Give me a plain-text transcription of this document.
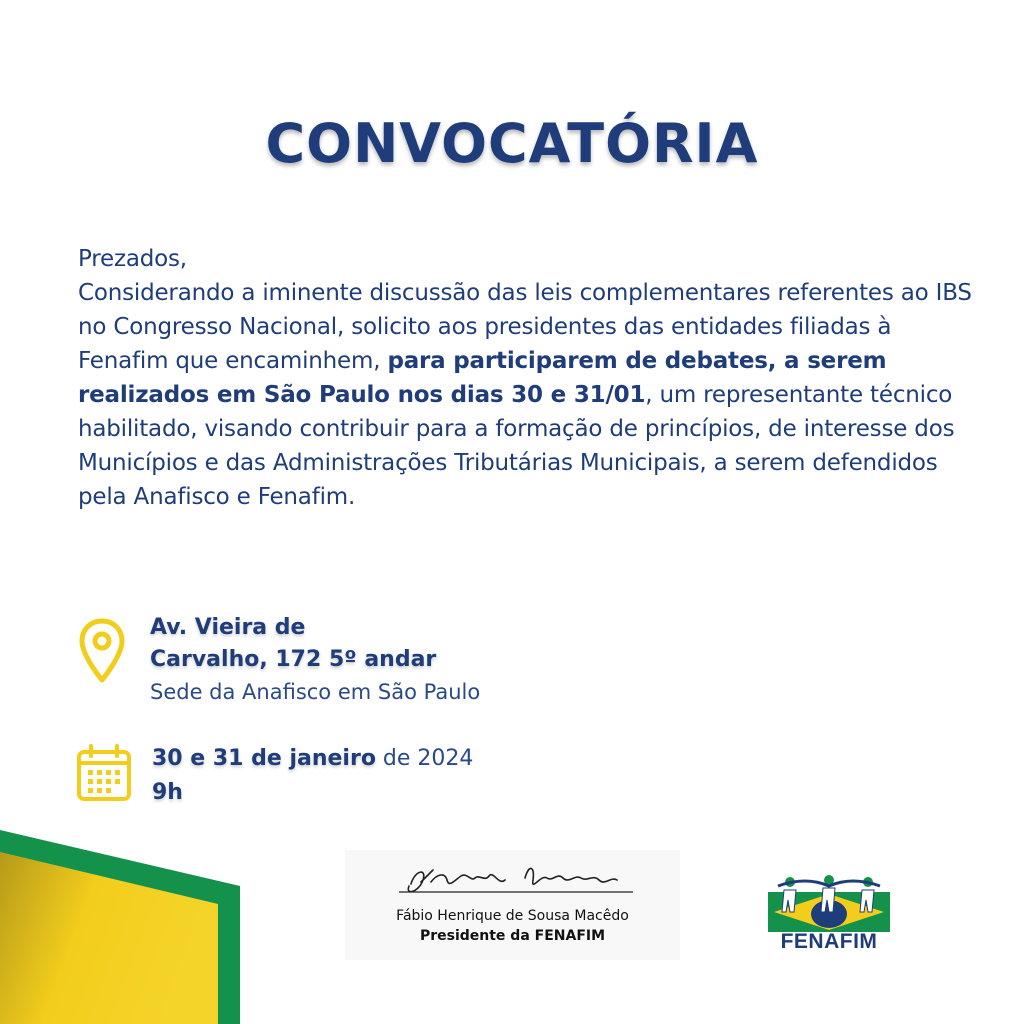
CONVOCATÓRIA

Prezados,

Considerando a iminente discussão das leis complementares referentes ao IBS no Congresso Nacional, solicito aos presidentes das entidades filiadas à Fenafim que encaminhem, para participarem de debates, a serem realizados em São Paulo nos dias 30 e 31/01, um representante técnico habilitado, visando contribuir para a formação de princípios, de interesse dos Municípios e das Administrações Tributárias Municipais, a serem defendidos pela Anafisco e Fenafim.

Av. Vieira de
Carvalho, 172 5º andar
Sede da Anafisco em São Paulo
30 e 31 de janeiro de 2024
9h
Fábio Henrique de Sousa Macêdo
Presidente da FENAFIM	FENAFIM
